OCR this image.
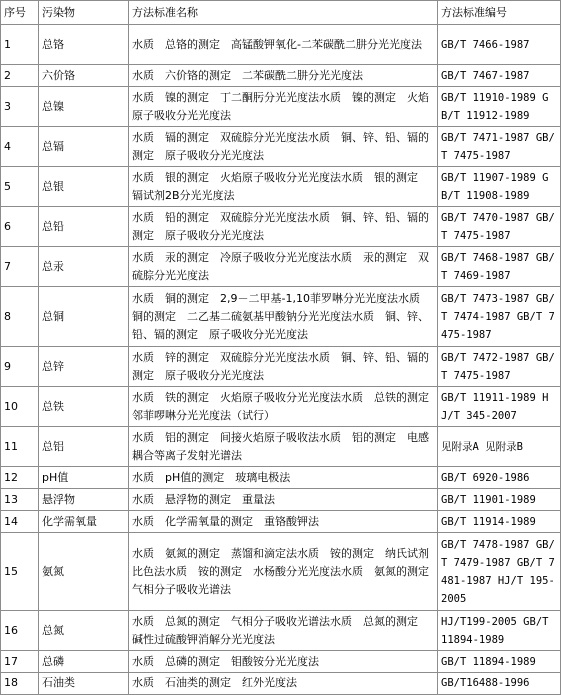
序号	污染物	方法标准名称	方法标准编号
1	总铬	水质　总铬的测定　高锰酸钾氧化-二苯碳酰二肼分光光度法	GB/T 7466-1987
2	六价铬	水质　六价铬的测定　二苯碳酰二肼分光光度法	GB/T 7467-1987
3	总镍	水质　镍的测定　丁二酮肟分光光度法水质　镍的测定　火焰原子吸收分光光度法	GB/T 11910-1989 GB/T 11912-1989
4	总镉	水质　镉的测定　双硫腙分光光度法水质　铜、锌、铅、镉的测定　原子吸收分光光度法	GB/T 7471-1987 GB/T 7475-1987
5	总银	水质　银的测定　火焰原子吸收分光光度法水质　银的测定　镉试剂2B分光光度法	GB/T 11907-1989 GB/T 11908-1989
6	总铅	水质　铅的测定　双硫腙分光光度法水质　铜、锌、铅、镉的测定　原子吸收分光光度法	GB/T 7470-1987 GB/T 7475-1987
7	总汞	水质　汞的测定　冷原子吸收分光光度法水质　汞的测定　双硫腙分光光度法	GB/T 7468-1987 GB/T 7469-1987
8	总铜	水质　铜的测定　2,9－二甲基-1,10菲罗啉分光光度法水质　铜的测定　二乙基二硫氨基甲酸钠分光光度法水质　铜、锌、铅、镉的测定　原子吸收分光光度法	GB/T 7473-1987 GB/T 7474-1987 GB/T 7475-1987
9	总锌	水质　锌的测定　双硫腙分光光度法水质　铜、锌、铅、镉的测定　原子吸收分光光度法	GB/T 7472-1987 GB/T 7475-1987
10	总铁	水质　铁的测定　火焰原子吸收分光光度法水质　总铁的测定　邻菲啰啉分光光度法（试行）	GB/T 11911-1989 HJ/T 345-2007
11	总铝	水质　铝的测定　间接火焰原子吸收法水质　铝的测定　电感耦合等离子发射光谱法	见附录A 见附录B
12	pH值	水质　pH值的测定　玻璃电极法	GB/T 6920-1986
13	悬浮物	水质　悬浮物的测定　重量法	GB/T 11901-1989
14	化学需氧量	水质　化学需氧量的测定　重铬酸钾法	GB/T 11914-1989
15	氨氮	水质　氨氮的测定　蒸馏和滴定法水质　铵的测定　纳氏试剂比色法水质　铵的测定　水杨酸分光光度法水质　氨氮的测定　气相分子吸收光谱法	GB/T 7478-1987 GB/T 7479-1987 GB/T 7481-1987 HJ/T 195-2005
16	总氮	水质　总氮的测定　气相分子吸收光谱法水质　总氮的测定　碱性过硫酸钾消解分光光度法	HJ/T199-2005 GB/T 11894-1989
17	总磷	水质　总磷的测定　钼酸铵分光光度法	GB/T 11894-1989
18	石油类	水质　石油类的测定　红外光度法	GB/T16488-1996
